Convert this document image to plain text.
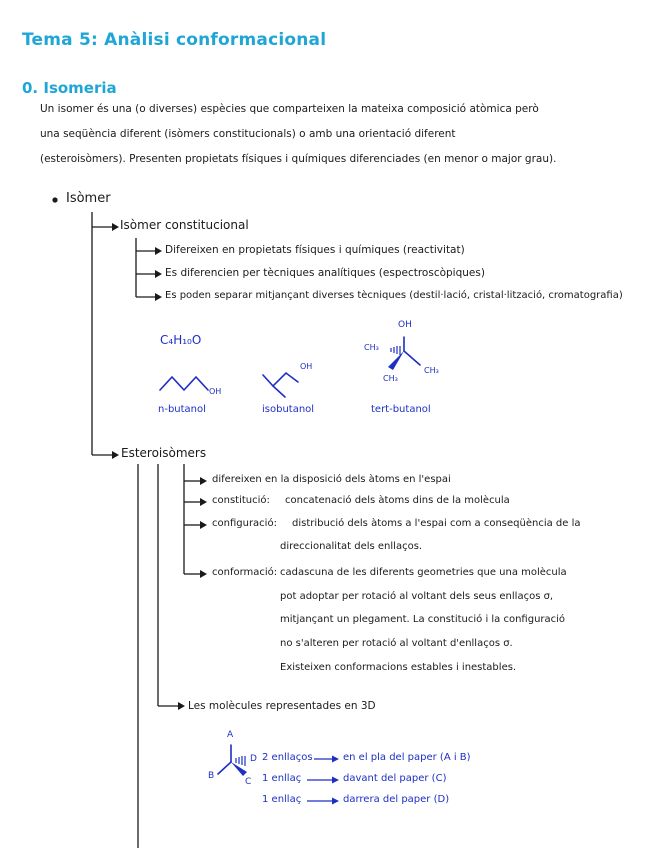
Tema 5: Anàlisi conformacional
0. Isomeria
Un isomer és una (o diverses) espècies que comparteixen la mateixa composició atòmica però
una seqüència diferent (isòmers constitucionals) o amb una orientació diferent
(esteroisòmers). Presenten propietats físiques i químiques diferenciades (en menor o major grau).
Isòmer
Isòmer constitucional
Difereixen en propietats físiques i químiques (reactivitat)
Es diferencien per tècniques analítiques (espectroscòpiques)
Es poden separar mitjançant diverses tècniques (destil·lació, cristal·lització, cromatografia)
C₄H₁₀O
OH
OH
OH
CH₃
CH₃
CH₃
n-butanol	isobutanol	tert-butanol
Esteroisòmers
difereixen en la disposició dels àtoms en l'espai
constitució: concatenació dels àtoms dins de la molècula
configuració: distribució dels àtoms a l'espai com a conseqüència de la
direccionalitat dels enllaços.
conformació: cadascuna de les diferents geometries que una molècula
pot adoptar per rotació al voltant dels seus enllaços σ,
mitjançant un plegament. La constitució i la configuració
no s'alteren per rotació al voltant d'enllaços σ.
Existeixen conformacions estables i inestables.
Les molècules representades en 3D
A
B
C
D 2 enllaços	en el pla del paper (A i B)
1 enllaç	davant del paper (C)
1 enllaç	darrera del paper (D)
